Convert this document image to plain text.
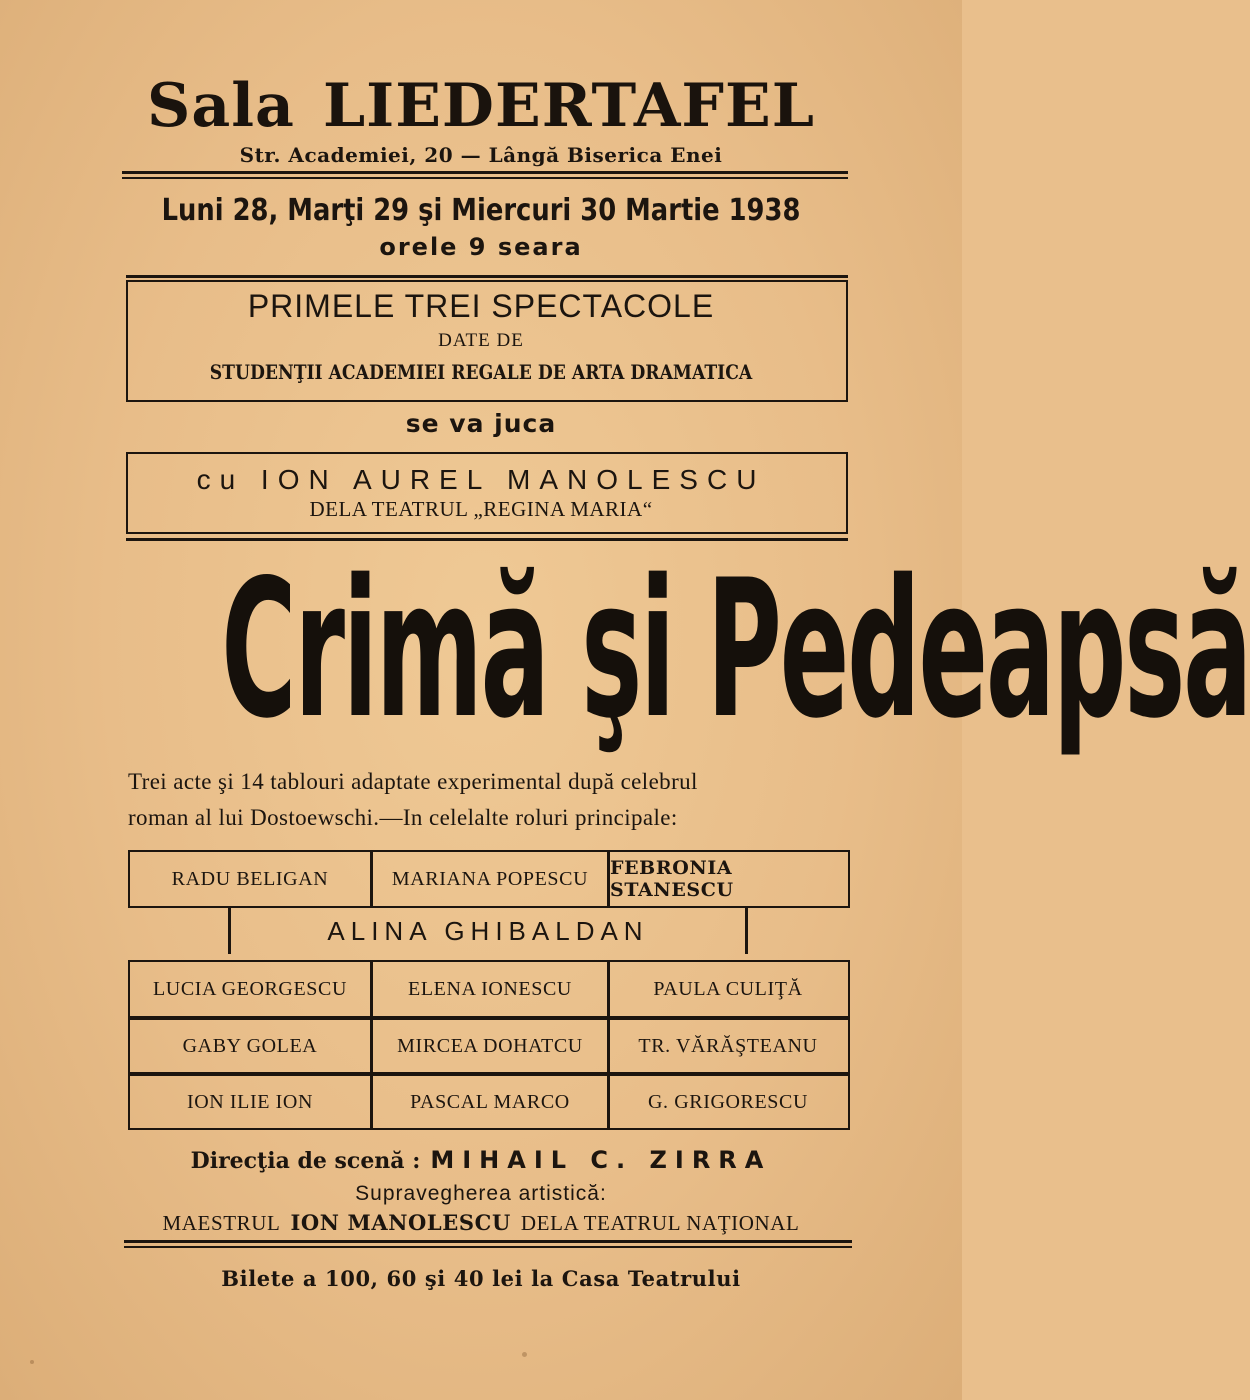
Sala LIEDERTAFEL
Str. Academiei, 20 — Lângă Biserica Enei
Luni 28, Marţi 29 şi Miercuri 30 Martie 1938
orele 9 seara
PRIMELE TREI SPECTACOLE
DATE DE
STUDENŢII ACADEMIEI REGALE DE ARTA DRAMATICA
se va juca
cu ION AUREL MANOLESCU
DELA TEATRUL „REGINA MARIA“
Crimă şi Pedeapsă
Trei acte şi 14 tablouri adaptate experimental după celebrul
roman al lui Dostoewschi.—In celelalte roluri principale:
RADU BELIGAN	MARIANA POPESCU	FEBRONIA STANESCU
ALINA GHIBALDAN
LUCIA GEORGESCU	ELENA IONESCU	PAULA CULIŢĂ
GABY GOLEA	MIRCEA DOHATCU	TR. VĂRĂŞTEANU
ION ILIE ION	PASCAL MARCO	G. GRIGORESCU
Direcţia de scenă : MIHAIL C. ZIRRA
Supravegherea artistică:
MAESTRUL ION MANOLESCU DELA TEATRUL NAŢIONAL
Bilete a 100, 60 şi 40 lei la Casa Teatrului
